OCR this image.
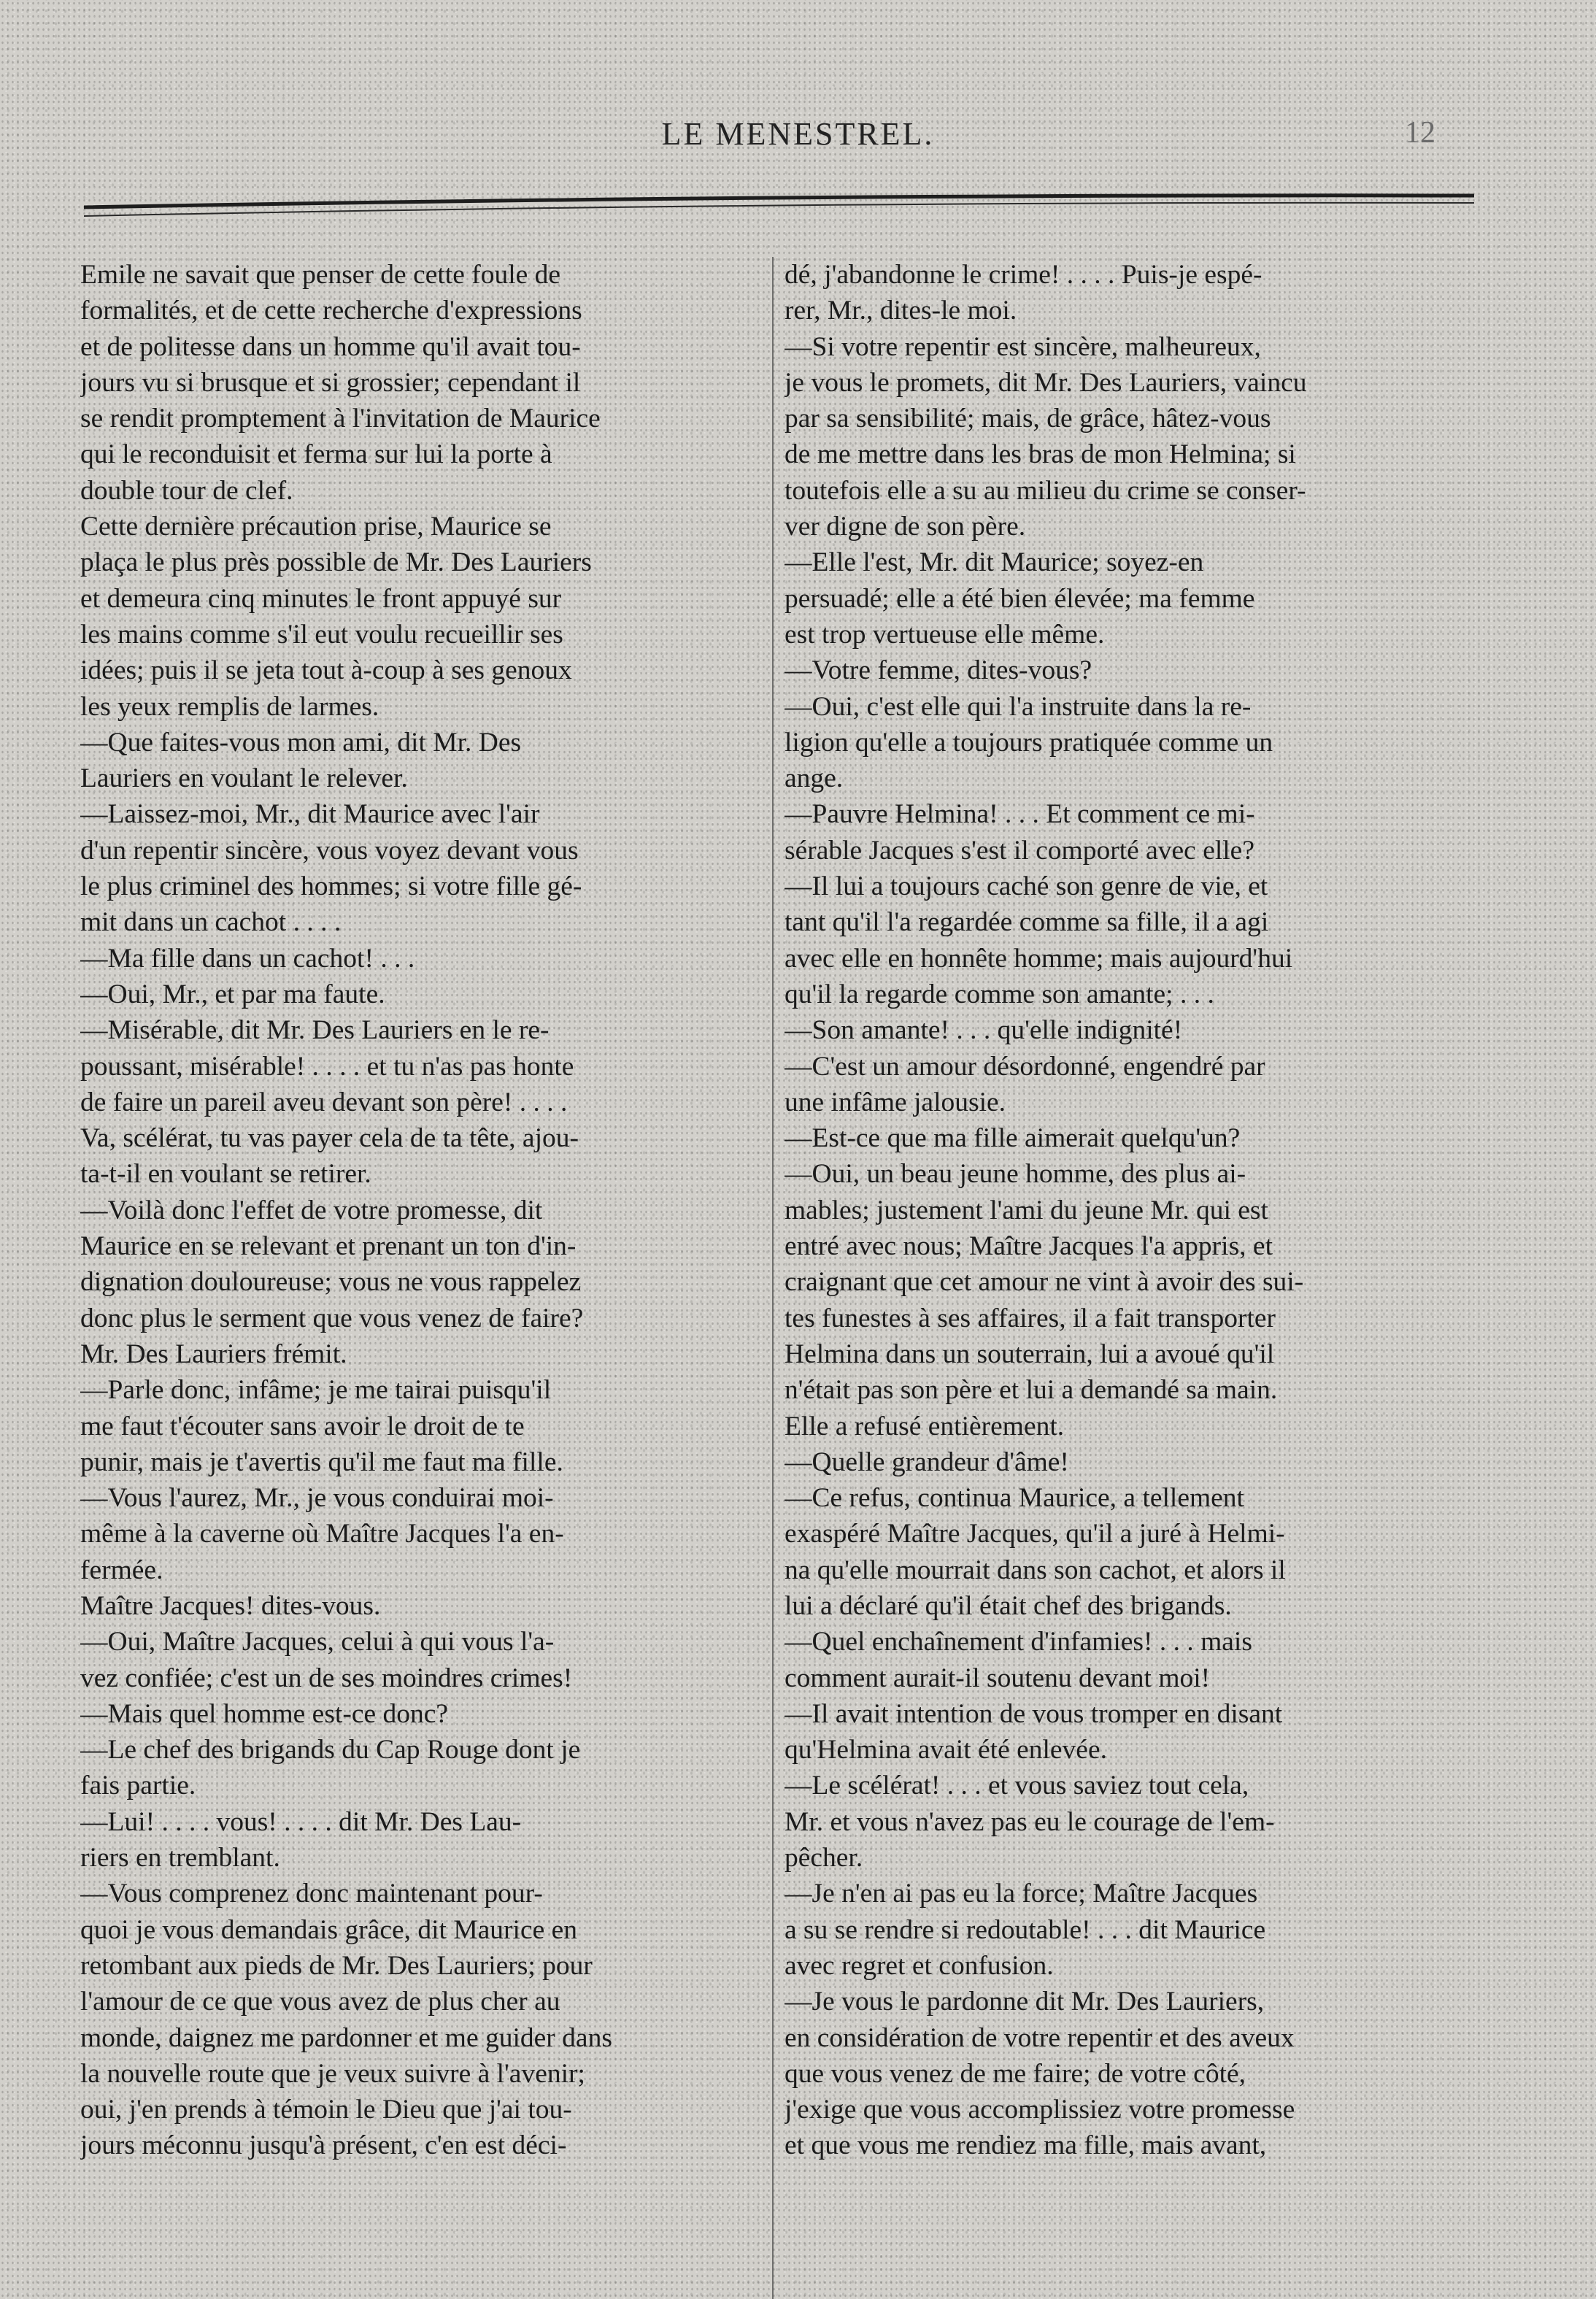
LE MENESTREL.	12
Emile ne savait que penser de cette foule de
formalités, et de cette recherche d'expressions
et de politesse dans un homme qu'il avait tou-
jours vu si brusque et si grossier; cependant il
se rendit promptement à l'invitation de Maurice
qui le reconduisit et ferma sur lui la porte à
double tour de clef.
Cette dernière précaution prise, Maurice se
plaça le plus près possible de Mr. Des Lauriers
et demeura cinq minutes le front appuyé sur
les mains comme s'il eut voulu recueillir ses
idées; puis il se jeta tout à-coup à ses genoux
les yeux remplis de larmes.
—Que faites-vous mon ami, dit Mr. Des
Lauriers en voulant le relever.
—Laissez-moi, Mr., dit Maurice avec l'air
d'un repentir sincère, vous voyez devant vous
le plus criminel des hommes; si votre fille gé-
mit dans un cachot . . . .
—Ma fille dans un cachot! . . .
—Oui, Mr., et par ma faute.
—Misérable, dit Mr. Des Lauriers en le re-
poussant, misérable! . . . . et tu n'as pas honte
de faire un pareil aveu devant son père! . . . .
Va, scélérat, tu vas payer cela de ta tête, ajou-
ta-t-il en voulant se retirer.
—Voilà donc l'effet de votre promesse, dit
Maurice en se relevant et prenant un ton d'in-
dignation douloureuse; vous ne vous rappelez
donc plus le serment que vous venez de faire?
Mr. Des Lauriers frémit.
—Parle donc, infâme; je me tairai puisqu'il
me faut t'écouter sans avoir le droit de te
punir, mais je t'avertis qu'il me faut ma fille.
—Vous l'aurez, Mr., je vous conduirai moi-
même à la caverne où Maître Jacques l'a en-
fermée.
Maître Jacques! dites-vous.
—Oui, Maître Jacques, celui à qui vous l'a-
vez confiée; c'est un de ses moindres crimes!
—Mais quel homme est-ce donc?
—Le chef des brigands du Cap Rouge dont je
fais partie.
—Lui! . . . . vous! . . . . dit Mr. Des Lau-
riers en tremblant.
—Vous comprenez donc maintenant pour-
quoi je vous demandais grâce, dit Maurice en
retombant aux pieds de Mr. Des Lauriers; pour
l'amour de ce que vous avez de plus cher au
monde, daignez me pardonner et me guider dans
la nouvelle route que je veux suivre à l'avenir;
oui, j'en prends à témoin le Dieu que j'ai tou-
jours méconnu jusqu'à présent, c'en est déci-
dé, j'abandonne le crime! . . . . Puis-je espé-
rer, Mr., dites-le moi.
—Si votre repentir est sincère, malheureux,
je vous le promets, dit Mr. Des Lauriers, vaincu
par sa sensibilité; mais, de grâce, hâtez-vous
de me mettre dans les bras de mon Helmina; si
toutefois elle a su au milieu du crime se conser-
ver digne de son père.
—Elle l'est, Mr. dit Maurice; soyez-en
persuadé; elle a été bien élevée; ma femme
est trop vertueuse elle même.
—Votre femme, dites-vous?
—Oui, c'est elle qui l'a instruite dans la re-
ligion qu'elle a toujours pratiquée comme un
ange.
—Pauvre Helmina! . . . Et comment ce mi-
sérable Jacques s'est il comporté avec elle?
—Il lui a toujours caché son genre de vie, et
tant qu'il l'a regardée comme sa fille, il a agi
avec elle en honnête homme; mais aujourd'hui
qu'il la regarde comme son amante; . . .
—Son amante! . . . qu'elle indignité!
—C'est un amour désordonné, engendré par
une infâme jalousie.
—Est-ce que ma fille aimerait quelqu'un?
—Oui, un beau jeune homme, des plus ai-
mables; justement l'ami du jeune Mr. qui est
entré avec nous; Maître Jacques l'a appris, et
craignant que cet amour ne vint à avoir des sui-
tes funestes à ses affaires, il a fait transporter
Helmina dans un souterrain, lui a avoué qu'il
n'était pas son père et lui a demandé sa main.
Elle a refusé entièrement.
—Quelle grandeur d'âme!
—Ce refus, continua Maurice, a tellement
exaspéré Maître Jacques, qu'il a juré à Helmi-
na qu'elle mourrait dans son cachot, et alors il
lui a déclaré qu'il était chef des brigands.
—Quel enchaînement d'infamies! . . . mais
comment aurait-il soutenu devant moi!
—Il avait intention de vous tromper en disant
qu'Helmina avait été enlevée.
—Le scélérat! . . . et vous saviez tout cela,
Mr. et vous n'avez pas eu le courage de l'em-
pêcher.
—Je n'en ai pas eu la force; Maître Jacques
a su se rendre si redoutable! . . . dit Maurice
avec regret et confusion.
—Je vous le pardonne dit Mr. Des Lauriers,
en considération de votre repentir et des aveux
que vous venez de me faire; de votre côté,
j'exige que vous accomplissiez votre promesse
et que vous me rendiez ma fille, mais avant,
